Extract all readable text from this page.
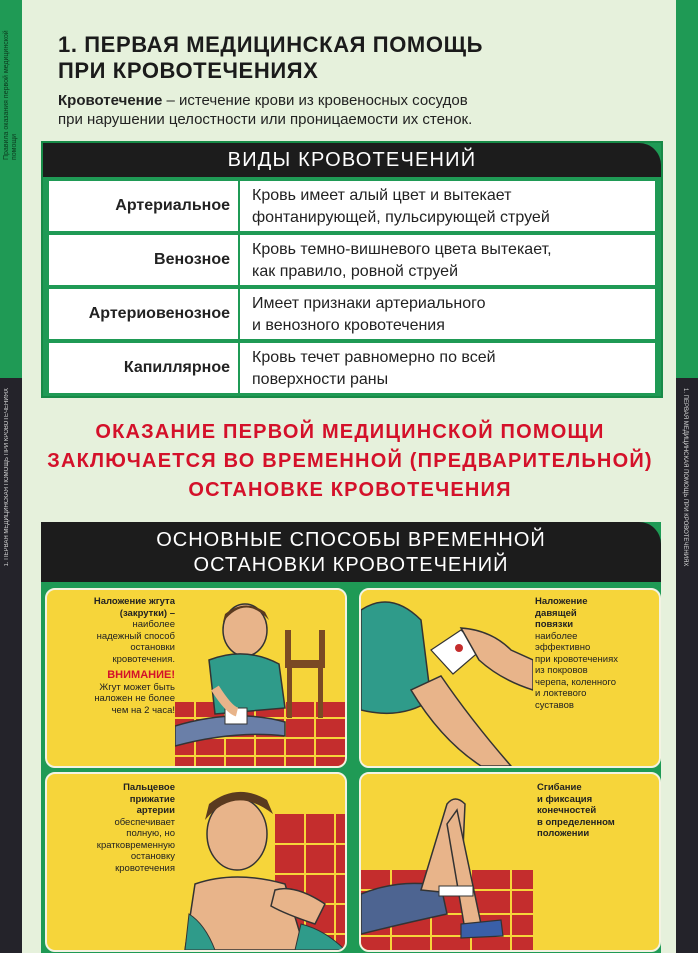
Правила оказания первой медицинской помощи
1. ПЕРВАЯ МЕДИЦИНСКАЯ ПОМОЩЬ ПРИ КРОВОТЕЧЕНИЯХ	1. ПЕРВАЯ МЕДИЦИНСКАЯ ПОМОЩЬ ПРИ КРОВОТЕЧЕНИЯХ
1. ПЕРВАЯ МЕДИЦИНСКАЯ ПОМОЩЬ
ПРИ КРОВОТЕЧЕНИЯХ
Кровотечение – истечение крови из кровеносных сосудов
при нарушении целостности или проницаемости их стенок.
ВИДЫ КРОВОТЕЧЕНИЙ
Артериальное
Кровь имеет алый цвет и вытекает
фонтанирующей, пульсирующей струей
Венозное
Кровь темно-вишневого цвета вытекает,
как правило, ровной струей
Артериовенозное
Имеет признаки артериального
и венозного кровотечения
Капиллярное
Кровь течет равномерно по всей
поверхности раны
ОКАЗАНИЕ ПЕРВОЙ МЕДИЦИНСКОЙ ПОМОЩИ
ЗАКЛЮЧАЕТСЯ ВО ВРЕМЕННОЙ (ПРЕДВАРИТЕЛЬНОЙ)
ОСТАНОВКЕ КРОВОТЕЧЕНИЯ
ОСНОВНЫЕ СПОСОБЫ ВРЕМЕННОЙ
ОСТАНОВКИ КРОВОТЕЧЕНИЙ
Наложение жгута
(закрутки) –
наиболее
надежный способ
остановки
кровотечения.
ВНИМАНИЕ!
Жгут может быть
наложен не более
чем на 2 часа!
Наложение
давящей
повязки
наиболее
эффективно
при кровотечениях
из покровов
черепа, коленного
и локтевого
суставов
Пальцевое
прижатие
артерии
обеспечивает
полную, но
кратковременную
остановку
кровотечения
Сгибание
и фиксация
конечностей
в определенном
положении
